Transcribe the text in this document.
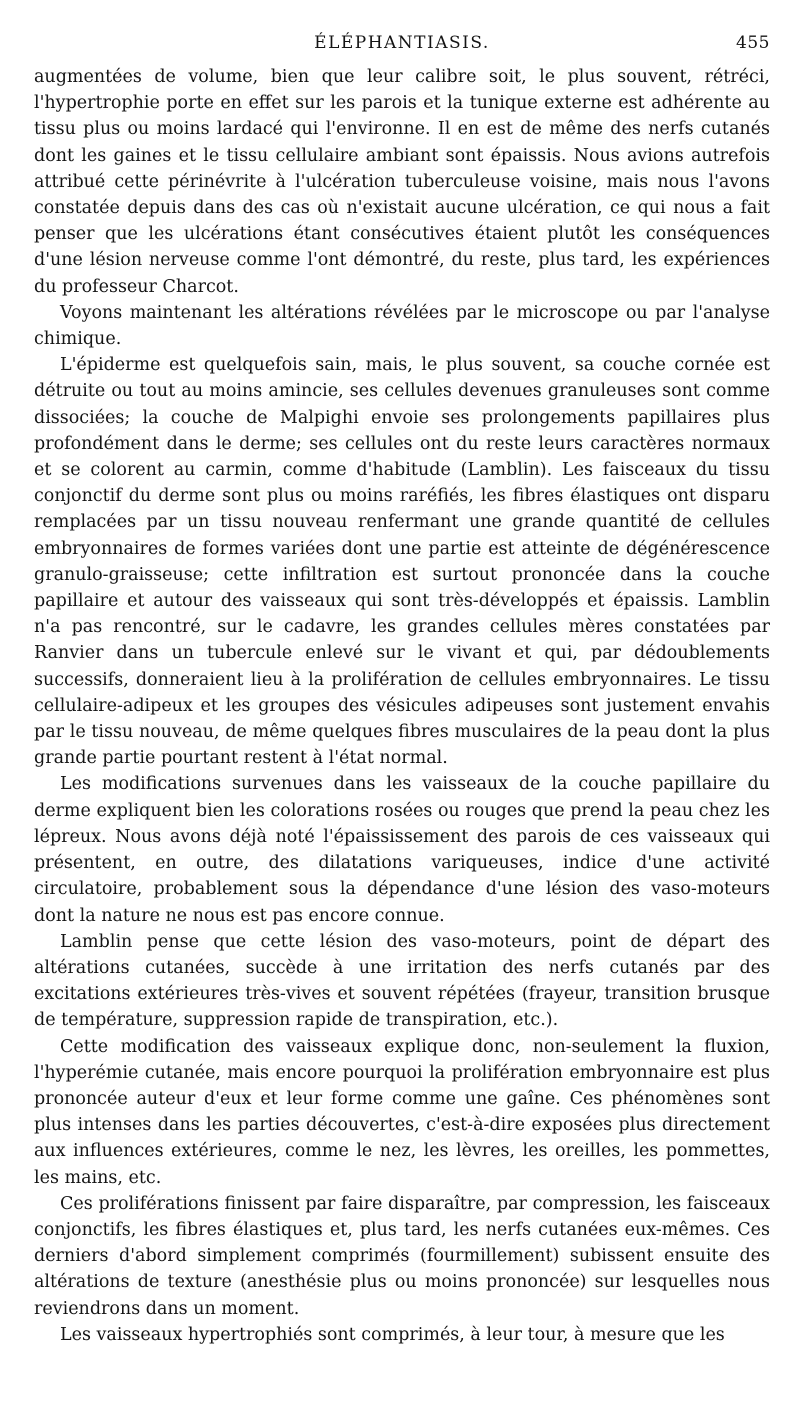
ÉLÉPHANTIASIS.	455

augmentées de volume, bien que leur calibre soit, le plus souvent, rétréci, l'hypertrophie porte en effet sur les parois et la tunique externe est adhérente au tissu plus ou moins lardacé qui l'environne. Il en est de même des nerfs cutanés dont les gaines et le tissu cellulaire ambiant sont épaissis. Nous avions autrefois attribué cette périnévrite à l'ulcération tuberculeuse voisine, mais nous l'avons constatée depuis dans des cas où n'existait aucune ulcération, ce qui nous a fait penser que les ulcérations étant consécutives étaient plutôt les conséquences d'une lésion nerveuse comme l'ont démontré, du reste, plus tard, les expériences du professeur Charcot.

Voyons maintenant les altérations révélées par le microscope ou par l'analyse chimique.

L'épiderme est quelquefois sain, mais, le plus souvent, sa couche cornée est détruite ou tout au moins amincie, ses cellules devenues granuleuses sont comme dissociées; la couche de Malpighi envoie ses prolongements papillaires plus profondément dans le derme; ses cellules ont du reste leurs caractères normaux et se colorent au carmin, comme d'habitude (Lamblin). Les faisceaux du tissu conjonctif du derme sont plus ou moins raréfiés, les fibres élastiques ont disparu remplacées par un tissu nouveau renfermant une grande quantité de cellules embryonnaires de formes variées dont une partie est atteinte de dégénérescence granulo-graisseuse; cette infiltration est surtout prononcée dans la couche papillaire et autour des vaisseaux qui sont très-développés et épaissis. Lamblin n'a pas rencontré, sur le cadavre, les grandes cellules mères constatées par Ranvier dans un tubercule enlevé sur le vivant et qui, par dédoublements successifs, donneraient lieu à la prolifération de cellules embryonnaires. Le tissu cellulaire-adipeux et les groupes des vésicules adipeuses sont justement envahis par le tissu nouveau, de même quelques fibres musculaires de la peau dont la plus grande partie pourtant restent à l'état normal.

Les modifications survenues dans les vaisseaux de la couche papillaire du derme expliquent bien les colorations rosées ou rouges que prend la peau chez les lépreux. Nous avons déjà noté l'épaississement des parois de ces vaisseaux qui présentent, en outre, des dilatations variqueuses, indice d'une activité circulatoire, probablement sous la dépendance d'une lésion des vaso-moteurs dont la nature ne nous est pas encore connue.

Lamblin pense que cette lésion des vaso-moteurs, point de départ des altérations cutanées, succède à une irritation des nerfs cutanés par des excitations extérieures très-vives et souvent répétées (frayeur, transition brusque de température, suppression rapide de transpiration, etc.).

Cette modification des vaisseaux explique donc, non-seulement la fluxion, l'hyperémie cutanée, mais encore pourquoi la prolifération embryonnaire est plus prononcée auteur d'eux et leur forme comme une gaîne. Ces phénomènes sont plus intenses dans les parties découvertes, c'est-à-dire exposées plus directement aux influences extérieures, comme le nez, les lèvres, les oreilles, les pommettes, les mains, etc.

Ces proliférations finissent par faire disparaître, par compression, les faisceaux conjonctifs, les fibres élastiques et, plus tard, les nerfs cutanées eux-mêmes. Ces derniers d'abord simplement comprimés (fourmillement) subissent ensuite des altérations de texture (anesthésie plus ou moins prononcée) sur lesquelles nous reviendrons dans un moment.

Les vaisseaux hypertrophiés sont comprimés, à leur tour, à mesure que les
